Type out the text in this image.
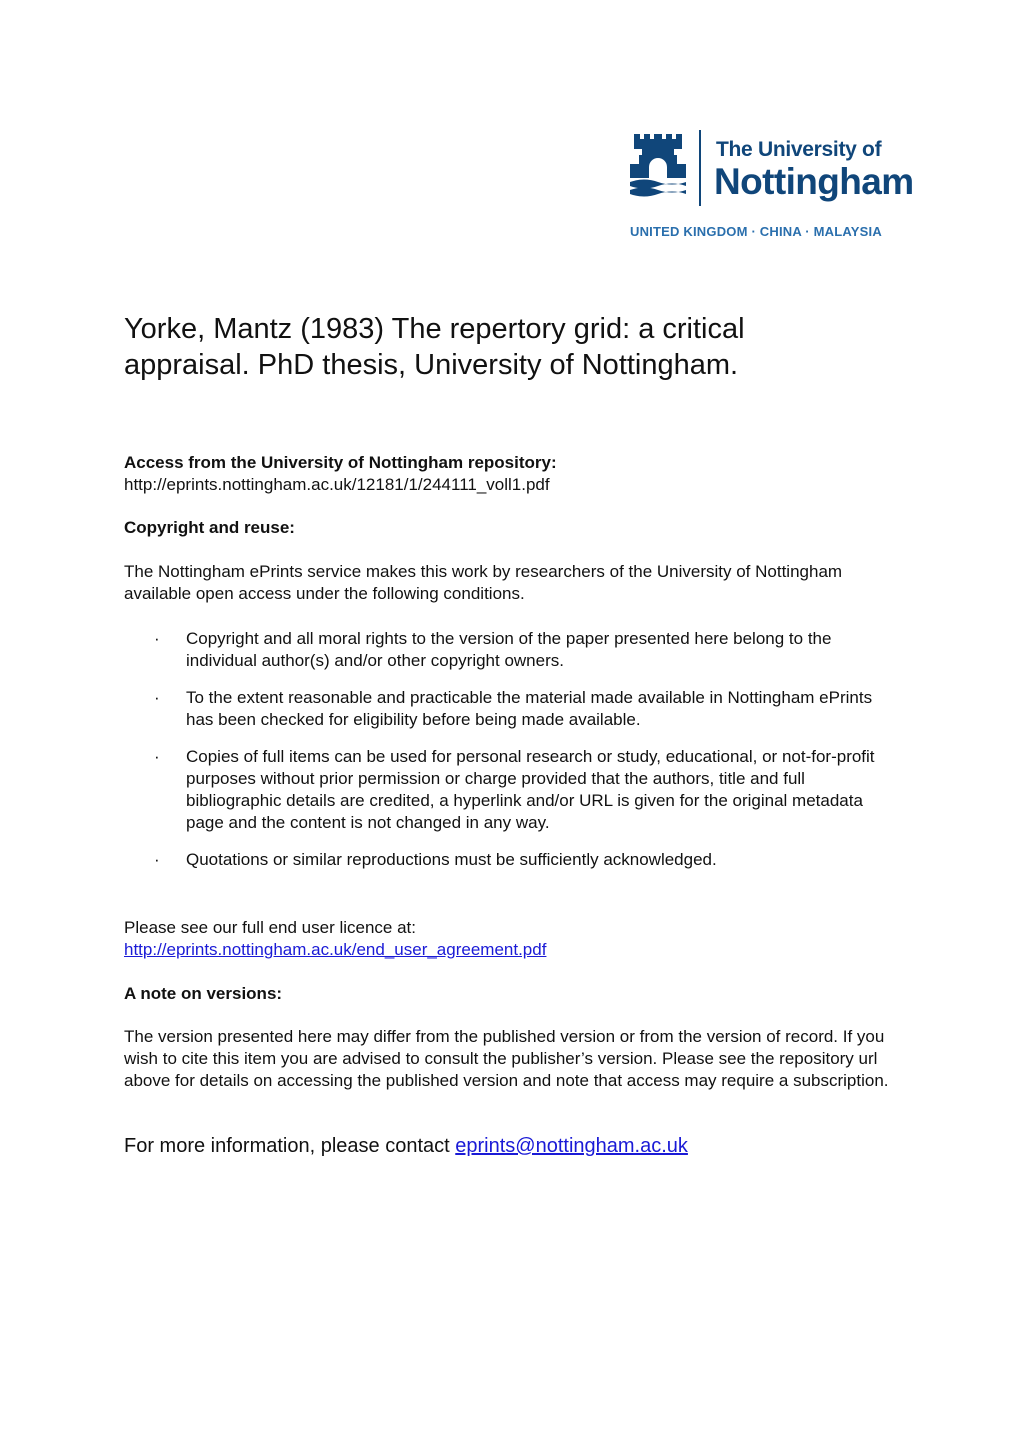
The University of
Nottingham
UNITED KINGDOM · CHINA · MALAYSIA
Yorke, Mantz (1983) The repertory grid: a critical appraisal. PhD thesis, University of Nottingham.
Access from the University of Nottingham repository:
http://eprints.nottingham.ac.uk/12181/1/244111_voll1.pdf
Copyright and reuse:
The Nottingham ePrints service makes this work by researchers of the University of Nottingham available open access under the following conditions.
· Copyright and all moral rights to the version of the paper presented here belong to the individual author(s) and/or other copyright owners.
· To the extent reasonable and practicable the material made available in Nottingham ePrints has been checked for eligibility before being made available.
· Copies of full items can be used for personal research or study, educational, or not-for-profit purposes without prior permission or charge provided that the authors, title and full bibliographic details are credited, a hyperlink and/or URL is given for the original metadata page and the content is not changed in any way.
· Quotations or similar reproductions must be sufficiently acknowledged.
Please see our full end user licence at:
http://eprints.nottingham.ac.uk/end_user_agreement.pdf
A note on versions:
The version presented here may differ from the published version or from the version of record. If you wish to cite this item you are advised to consult the publisher’s version. Please see the repository url above for details on accessing the published version and note that access may require a subscription.
For more information, please contact eprints@nottingham.ac.uk
